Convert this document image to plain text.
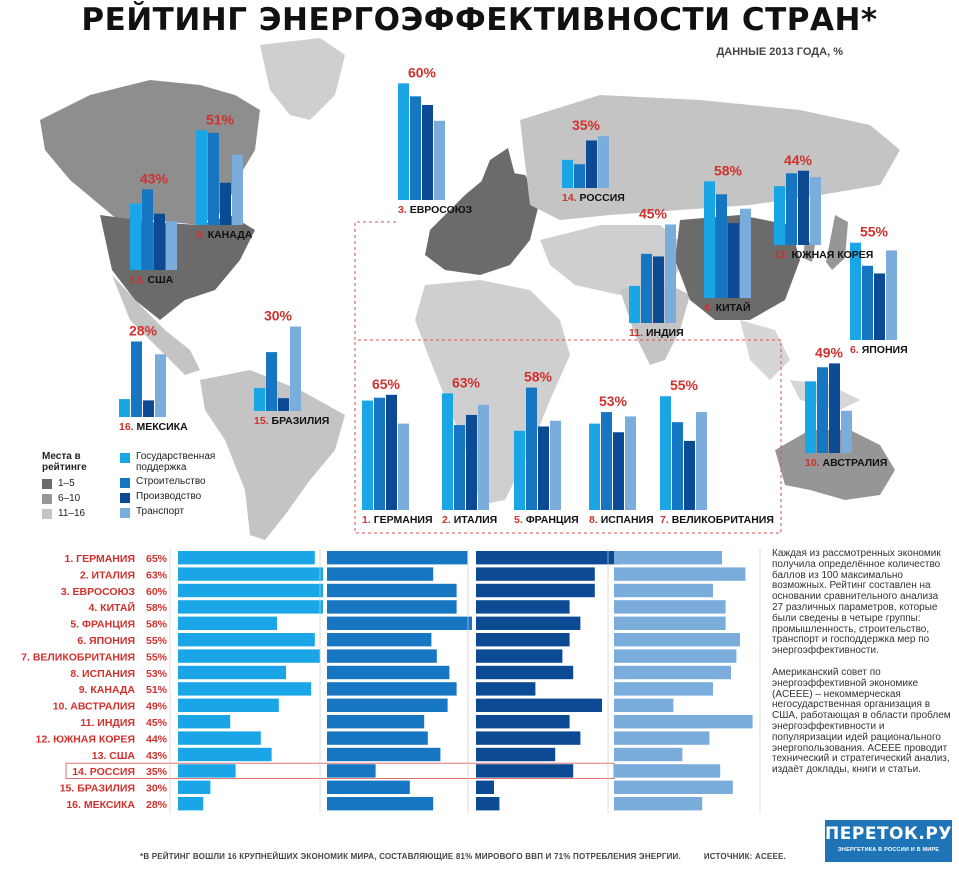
РЕЙТИНГ ЭНЕРГОЭФФЕКТИВНОСТИ СТРАН*
ДАННЫЕ 2013 ГОДА, %
65%
1. ГЕРМАНИЯ
63%
2. ИТАЛИЯ
60%
3. ЕВРОСОЮЗ
58%
4. КИТАЙ
58%
5. ФРАНЦИЯ
55%
6. ЯПОНИЯ
55%
7. ВЕЛИКОБРИТАНИЯ
53%
8. ИСПАНИЯ
51%
9. КАНАДА
49%
10. АВСТРАЛИЯ
45%
11. ИНДИЯ
44%
12. ЮЖНАЯ КОРЕЯ
43%
13. США
35%
14. РОССИЯ
30%
15. БРАЗИЛИЯ
28%
16. МЕКСИКА
Места в рейтинге
1–5
6–10
11–16
Государственная поддержка
Строительство
Производство
Транспорт
1. ГЕРМАНИЯ 65%
2. ИТАЛИЯ 63%
3. ЕВРОСОЮЗ 60%
4. КИТАЙ 58%
5. ФРАНЦИЯ 58%
6. ЯПОНИЯ 55%
7. ВЕЛИКОБРИТАНИЯ 55%
8. ИСПАНИЯ 53%
9. КАНАДА 51%
10. АВСТРАЛИЯ 49%
11. ИНДИЯ 45%
12. ЮЖНАЯ КОРЕЯ 44%
13. США 43%
14. РОССИЯ 35%
15. БРАЗИЛИЯ 30%
16. МЕКСИКА 28%

Каждая из рассмотренных экономик получила определённое количество баллов из 100 максимально возможных. Рейтинг составлен на основании сравнительного анализа 27 различных параметров, которые были сведены в четыре группы: промышленность, строительство, транспорт и господдержка мер по энергоэффективности.

Американский совет по энергоэффективной экономике (ACEEE) – некоммерческая негосударственная организация в США, работающая в области проблем энергоэффективности и популяризации идей рационального энергопользования. ACEEE проводит технический и стратегический анализ, издаёт доклады, книги и статьи.

*В РЕЙТИНГ ВОШЛИ 16 КРУПНЕЙШИХ ЭКОНОМИК МИРА, СОСТАВЛЯЮЩИЕ 81% МИРОВОГО ВВП И 71% ПОТРЕБЛЕНИЯ ЭНЕРГИИ.	ИСТОЧНИК: ACEEE.
ПЕРЕТОК.РУ
ЭНЕРГЕТИКА В РОССИИ И В МИРЕ
